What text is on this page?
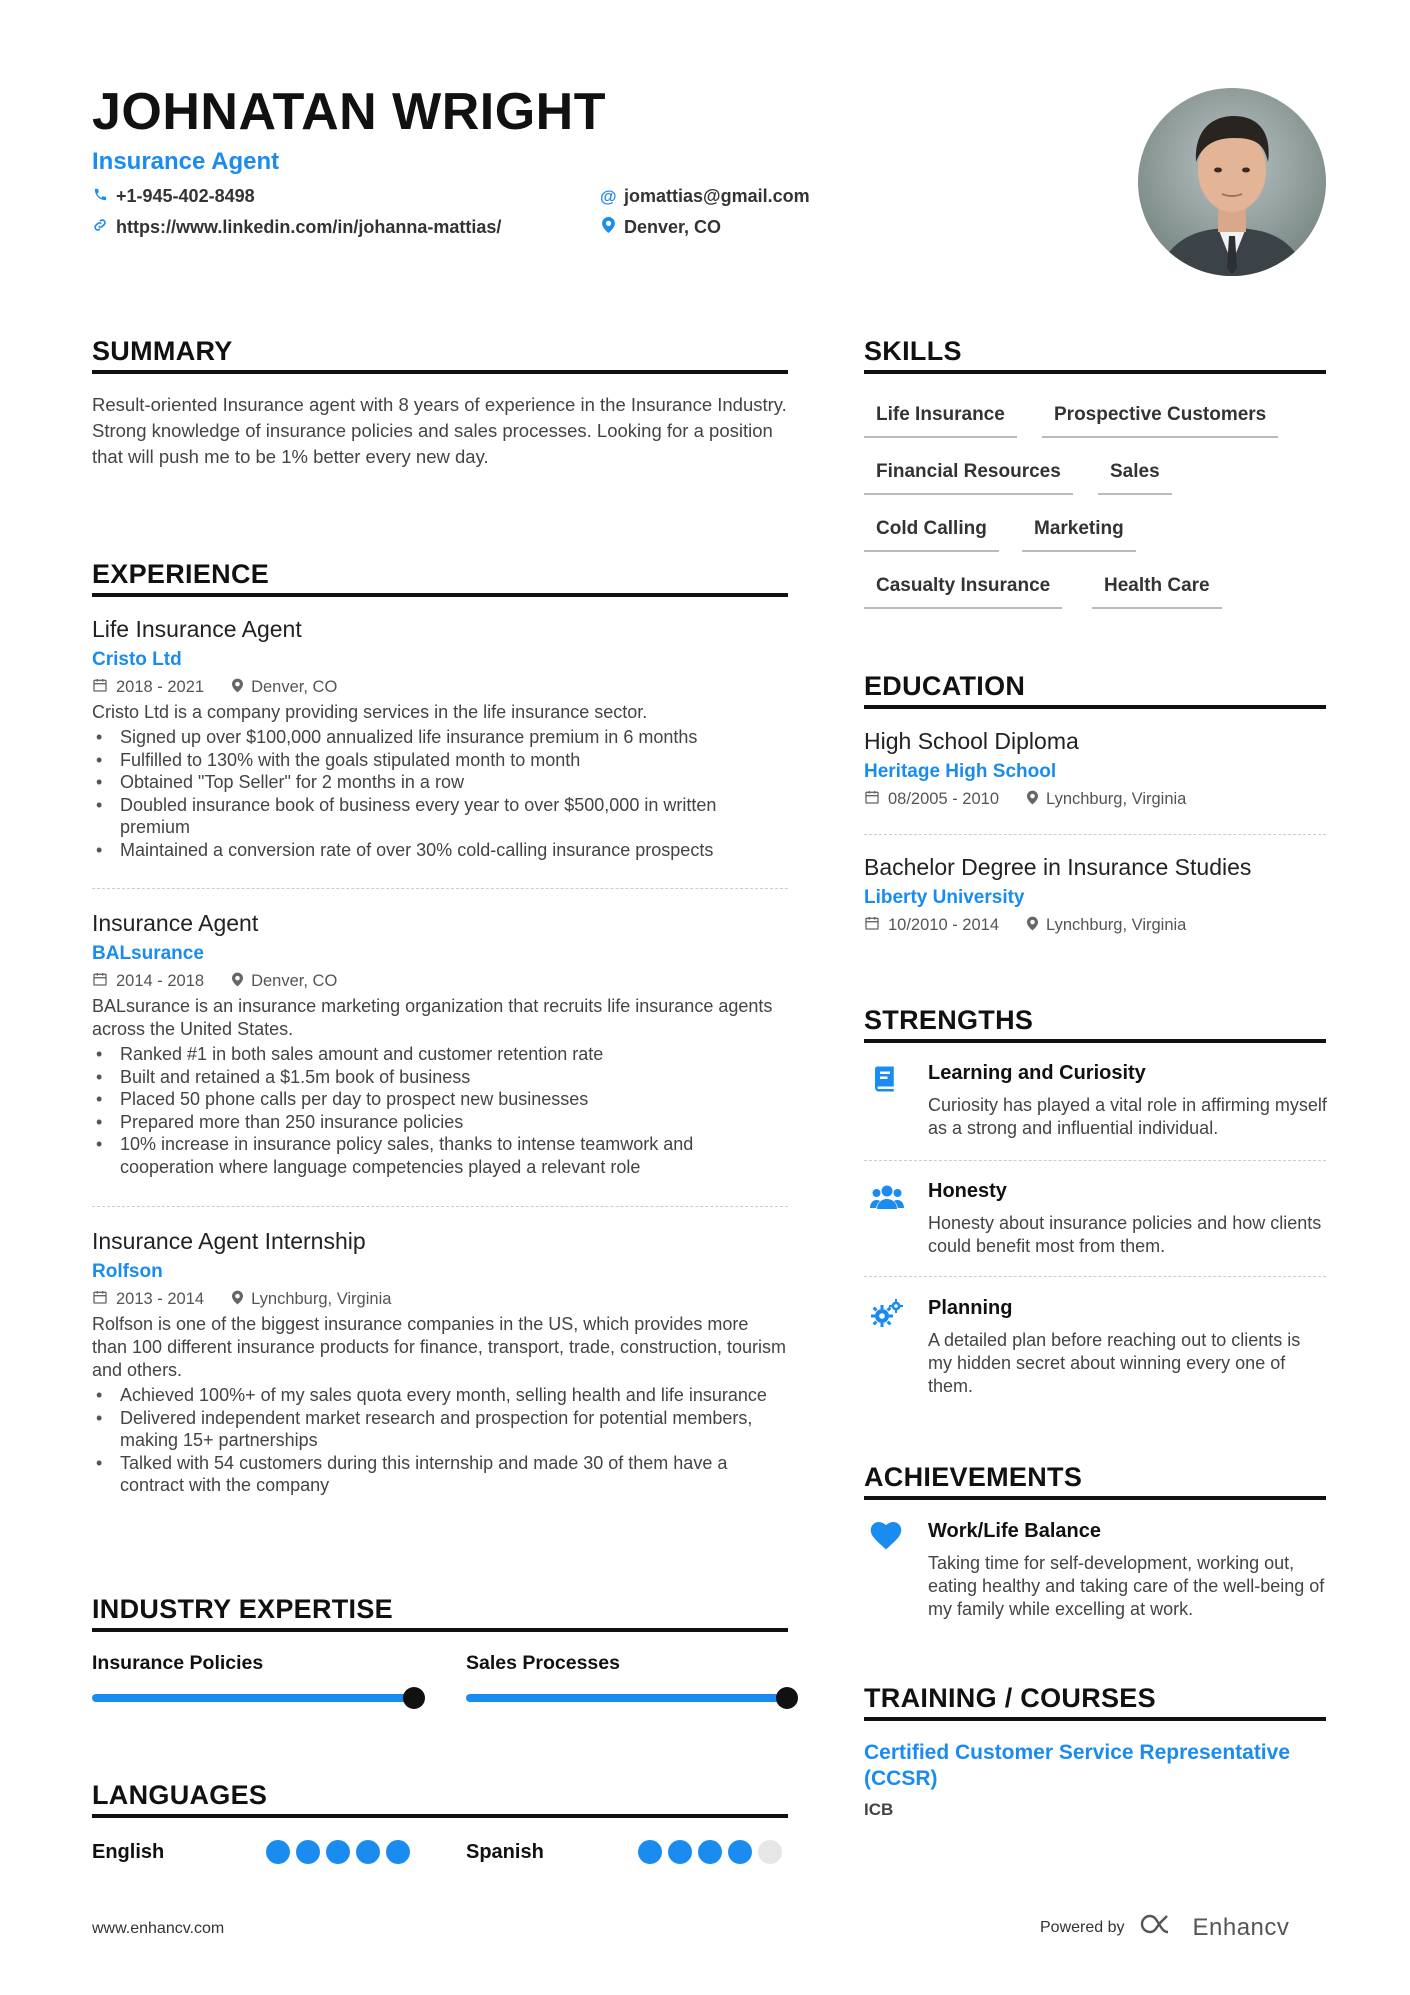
JOHNATAN WRIGHT
Insurance Agent
+1-945-402-8498	@ jomattias@gmail.com
https://www.linkedin.com/in/johanna-mattias/	Denver, CO
SUMMARY
Result-oriented Insurance agent with 8 years of experience in the Insurance Industry. Strong knowledge of insurance policies and sales processes. Looking for a position that will push me to be 1% better every new day.
EXPERIENCE
Life Insurance Agent
Cristo Ltd
2018 - 2021	Denver, CO
Cristo Ltd is a company providing services in the life insurance sector.
• Signed up over $100,000 annualized life insurance premium in 6 months
• Fulfilled to 130% with the goals stipulated month to month
• Obtained "Top Seller" for 2 months in a row
• Doubled insurance book of business every year to over $500,000 in written premium
• Maintained a conversion rate of over 30% cold-calling insurance prospects
Insurance Agent
BALsurance
2014 - 2018	Denver, CO
BALsurance is an insurance marketing organization that recruits life insurance agents across the United States.
• Ranked #1 in both sales amount and customer retention rate
• Built and retained a $1.5m book of business
• Placed 50 phone calls per day to prospect new businesses
• Prepared more than 250 insurance policies
• 10% increase in insurance policy sales, thanks to intense teamwork and cooperation where language competencies played a relevant role
Insurance Agent Internship
Rolfson
2013 - 2014	Lynchburg, Virginia
Rolfson is one of the biggest insurance companies in the US, which provides more than 100 different insurance products for finance, transport, trade, construction, tourism and others.
• Achieved 100%+ of my sales quota every month, selling health and life insurance
• Delivered independent market research and prospection for potential members, making 15+ partnerships
• Talked with 54 customers during this internship and made 30 of them have a contract with the company
INDUSTRY EXPERTISE
Insurance Policies	Sales Processes
LANGUAGES
English	Spanish
SKILLS
Life Insurance	Prospective Customers
Financial Resources	Sales
Cold Calling	Marketing
Casualty Insurance	Health Care
EDUCATION
High School Diploma
Heritage High School
08/2005 - 2010	Lynchburg, Virginia
Bachelor Degree in Insurance Studies
Liberty University
10/2010 - 2014	Lynchburg, Virginia
STRENGTHS
Learning and Curiosity
Curiosity has played a vital role in affirming myself as a strong and influential individual.
Honesty
Honesty about insurance policies and how clients could benefit most from them.
Planning
A detailed plan before reaching out to clients is my hidden secret about winning every one of them.
ACHIEVEMENTS
Work/Life Balance
Taking time for self-development, working out, eating healthy and taking care of the well-being of my family while excelling at work.
TRAINING / COURSES
Certified Customer Service Representative (CCSR)
ICB
www.enhancv.com	Powered by	Enhancv
